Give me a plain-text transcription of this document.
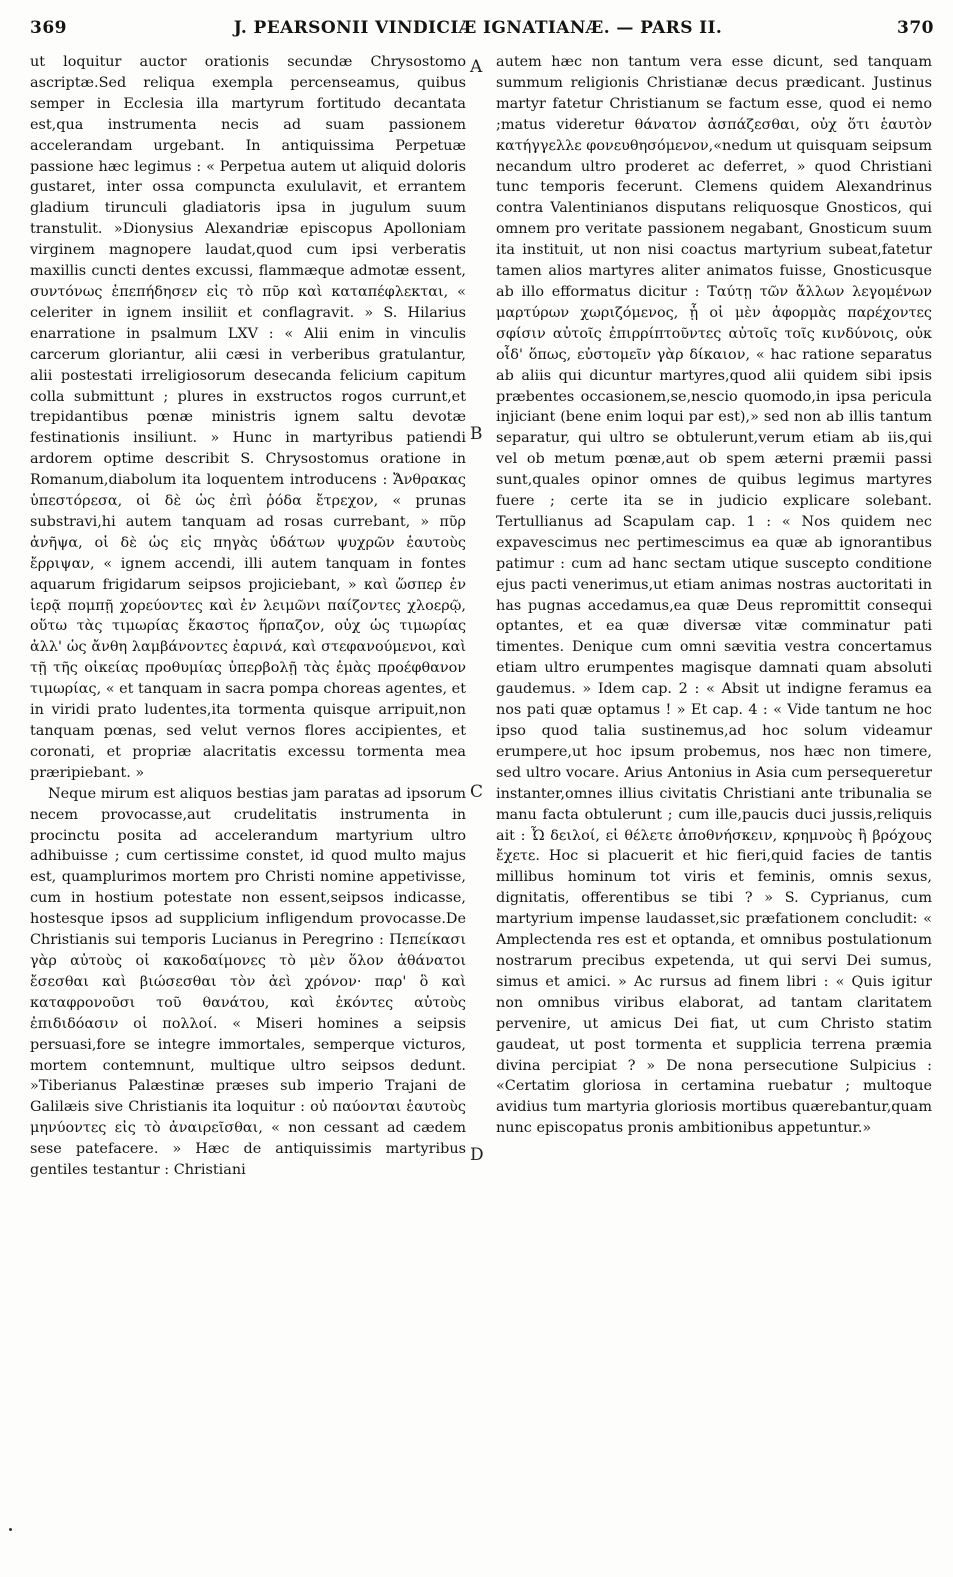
369	J. PEARSONII VINDICIÆ IGNATIANÆ. — PARS II.	370

ut loquitur auctor orationis secundæ Chrysostomo ascriptæ.Sed reliqua exempla percenseamus, quibus semper in Ecclesia illa martyrum fortitudo decantata est,qua instrumenta necis ad suam passionem accelerandam urgebant. In antiquissima Perpetuæ passione hæc legimus : « Perpetua autem ut aliquid doloris gustaret, inter ossa compuncta exululavit, et errantem gladium tirunculi gladiatoris ipsa in jugulum suum transtulit. »Dionysius Alexandriæ episcopus Apolloniam virginem magnopere laudat,quod cum ipsi verberatis maxillis cuncti dentes excussi, flammæque admotæ essent, συντόνως ἐπεπήδησεν εἰς τὸ πῦρ καὶ καταπέφλεκται, « celeriter in ignem insiliit et conflagravit. » S. Hilarius enarratione in psalmum LXV : « Alii enim in vinculis carcerum gloriantur, alii cæsi in verberibus gratulantur, alii postestati irreligiosorum desecanda felicium capitum colla submittunt ; plures in exstructos rogos currunt,et trepidantibus pœnæ ministris ignem saltu devotæ festinationis insiliunt. » Hunc in martyribus patiendi ardorem optime describit S. Chrysostomus oratione in Romanum,diabolum ita loquentem introducens : Ἄνθρακας ὑπεστόρεσα, οἱ δὲ ὡς ἐπὶ ῥόδα ἔτρεχον, « prunas substravi,hi autem tanquam ad rosas currebant, » πῦρ ἀνῆψα, οἱ δὲ ὡς εἰς πηγὰς ὑδάτων ψυχρῶν ἑαυτοὺς ἔρριψαν, « ignem accendi, illi autem tanquam in fontes aquarum frigidarum seipsos projiciebant, » καὶ ὥσπερ ἐν ἱερᾷ πομπῇ χορεύοντες καὶ ἐν λειμῶνι παίζοντες χλοερῷ, οὕτω τὰς τιμωρίας ἕκαστος ἥρπαζον, οὐχ ὡς τιμωρίας ἀλλ' ὡς ἄνθη λαμβάνοντες ἐαρινά, καὶ στεφανούμενοι, καὶ τῇ τῆς οἰκείας προθυμίας ὑπερβολῇ τὰς ἐμὰς προέφθανον τιμωρίας, « et tanquam in sacra pompa choreas agentes, et in viridi prato ludentes,ita tormenta quisque arripuit,non tanquam pœnas, sed velut vernos flores accipientes, et coronati, et propriæ alacritatis excessu tormenta mea præripiebant. »

Neque mirum est aliquos bestias jam paratas ad ipsorum necem provocasse,aut crudelitatis instrumenta in procinctu posita ad accelerandum martyrium ultro adhibuisse ; cum certissime constet, id quod multo majus est, quamplurimos mortem pro Christi nomine appetivisse, cum in hostium potestate non essent,seipsos indicasse, hostesque ipsos ad supplicium infligendum provocasse.De Christianis sui temporis Lucianus in Peregrino : Πεπείκασι γὰρ αὐτοὺς οἱ κακοδαίμονες τὸ μὲν ὅλον ἀθάνατοι ἔσεσθαι καὶ βιώσεσθαι τὸν ἀεὶ χρόνον· παρ' ὃ καὶ καταφρονοῦσι τοῦ θανάτου, καὶ ἑκόντες αὑτοὺς ἐπιδιδόασιν οἱ πολλοί. « Miseri homines a seipsis persuasi,fore se integre immortales, semperque victuros, mortem contemnunt, multique ultro seipsos dedunt. »Tiberianus Palæstinæ præses sub imperio Trajani de Galilæis sive Christianis ita loquitur : οὐ παύονται ἑαυτοὺς μηνύοντες εἰς τὸ ἀναιρεῖσθαι, « non cessant ad cædem sese patefacere. » Hæc de antiquissimis martyribus gentiles testantur : Christiani

autem hæc non tantum vera esse dicunt, sed tanquam summum religionis Christianæ decus prædicant. Justinus martyr fatetur Christianum se factum esse, quod ei nemo ;matus videretur θάνατον ἀσπάζεσθαι, οὐχ ὅτι ἑαυτὸν κατήγγελλε φονευθησόμενον,«nedum ut quisquam seipsum necandum ultro proderet ac deferret, » quod Christiani tunc temporis fecerunt. Clemens quidem Alexandrinus contra Valentinianos disputans reliquosque Gnosticos, qui omnem pro veritate passionem negabant, Gnosticum suum ita instituit, ut non nisi coactus martyrium subeat,fatetur tamen alios martyres aliter animatos fuisse, Gnosticusque ab illo efformatus dicitur : Ταύτῃ τῶν ἄλλων λεγομένων μαρτύρων χωριζόμενος, ᾗ οἱ μὲν ἀφορμὰς παρέχοντες σφίσιν αὐτοῖς ἐπιρρίπτοῦντες αὐτοῖς τοῖς κινδύνοις, οὐκ οἶδ' ὅπως, εὐστομεῖν γὰρ δίκαιον, « hac ratione separatus ab aliis qui dicuntur martyres,quod alii quidem sibi ipsis præbentes occasionem,se,nescio quomodo,in ipsa pericula injiciant (bene enim loqui par est),» sed non ab illis tantum separatur, qui ultro se obtulerunt,verum etiam ab iis,qui vel ob metum pœnæ,aut ob spem æterni præmii passi sunt,quales opinor omnes de quibus legimus martyres fuere ; certe ita se in judicio explicare solebant. Tertullianus ad Scapulam cap. 1 : « Nos quidem nec expavescimus nec pertimescimus ea quæ ab ignorantibus patimur : cum ad hanc sectam utique suscepto conditione ejus pacti venerimus,ut etiam animas nostras auctoritati in has pugnas accedamus,ea quæ Deus repromittit consequi optantes, et ea quæ diversæ vitæ comminatur pati timentes. Denique cum omni sævitia vestra concertamus etiam ultro erumpentes magisque damnati quam absoluti gaudemus. » Idem cap. 2 : « Absit ut indigne feramus ea nos pati quæ optamus ! » Et cap. 4 : « Vide tantum ne hoc ipso quod talia sustinemus,ad hoc solum videamur erumpere,ut hoc ipsum probemus, nos hæc non timere, sed ultro vocare. Arius Antonius in Asia cum persequeretur instanter,omnes illius civitatis Christiani ante tribunalia se manu facta obtulerunt ; cum ille,paucis duci jussis,reliquis ait : Ὦ δειλοί, εἰ θέλετε ἀποθνήσκειν, κρημνοὺς ἢ βρόχους ἔχετε. Hoc si placuerit et hic fieri,quid facies de tantis millibus hominum tot viris et feminis, omnis sexus, dignitatis, offerentibus se tibi ? » S. Cyprianus, cum martyrium impense laudasset,sic præfationem concludit: « Amplectenda res est et optanda, et omnibus postulationum nostrarum precibus expetenda, ut qui servi Dei sumus, simus et amici. » Ac rursus ad finem libri : « Quis igitur non omnibus viribus elaborat, ad tantam claritatem pervenire, ut amicus Dei fiat, ut cum Christo statim gaudeat, ut post tormenta et supplicia terrena præmia divina percipiat ? » De nona persecutione Sulpicius : «Certatim gloriosa in certamina ruebatur ; multoque avidius tum martyria gloriosis mortibus quærebantur,quam nunc episcopatus pronis ambitionibus appetuntur.»

A
B
C
D
